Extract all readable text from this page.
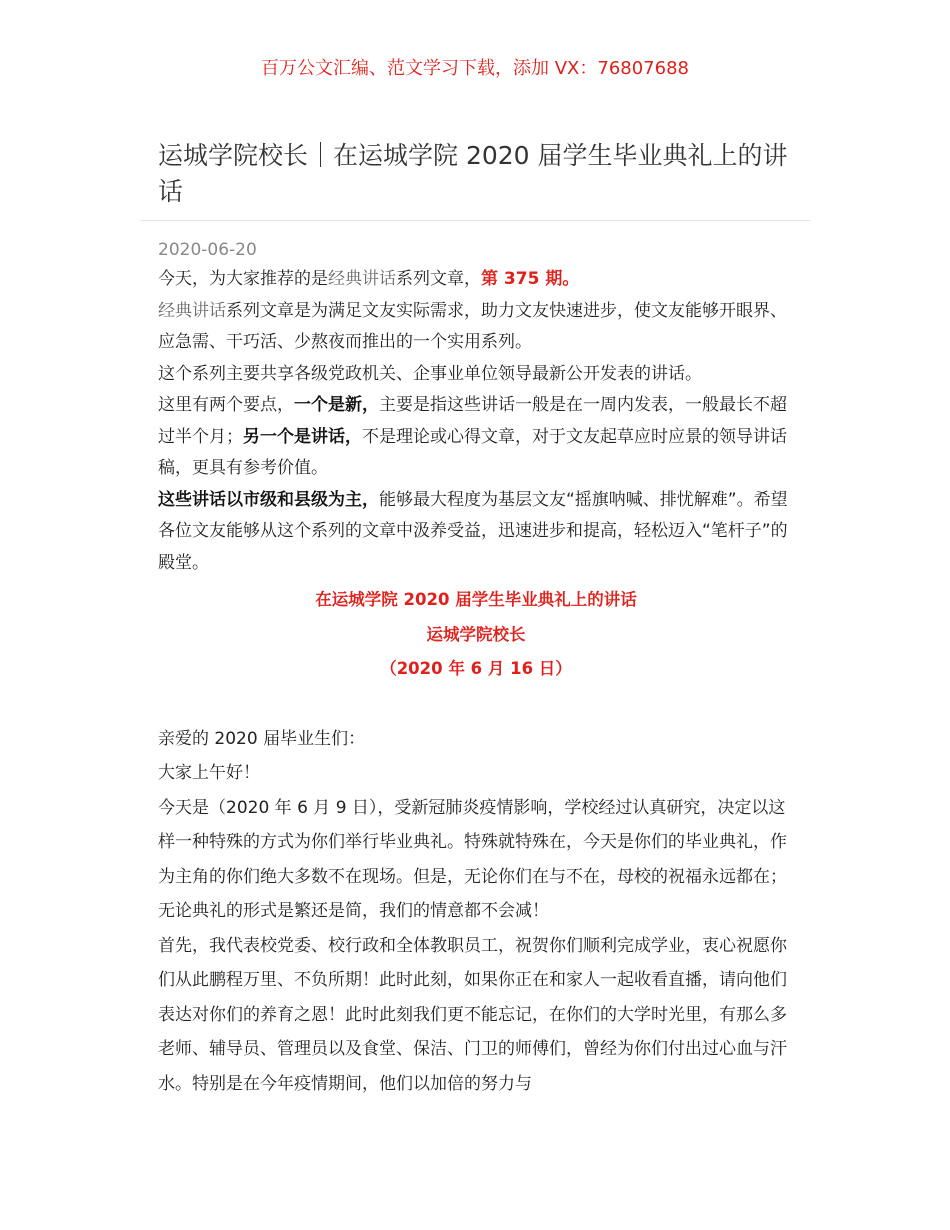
百万公文汇编、范文学习下载，添加 VX：76807688
运城学院校长｜在运城学院 2020 届学生毕业典礼上的讲话
2020-06-20

今天，为大家推荐的是经典讲话系列文章，第 375 期。

经典讲话系列文章是为满足文友实际需求，助力文友快速进步，使文友能够开眼界、应急需、干巧活、少熬夜而推出的一个实用系列。

这个系列主要共享各级党政机关、企事业单位领导最新公开发表的讲话。

这里有两个要点，一个是新，主要是指这些讲话一般是在一周内发表，一般最长不超过半个月；另一个是讲话，不是理论或心得文章，对于文友起草应时应景的领导讲话稿，更具有参考价值。

这些讲话以市级和县级为主，能够最大程度为基层文友“摇旗呐喊、排忧解难”。希望各位文友能够从这个系列的文章中汲养受益，迅速进步和提高，轻松迈入“笔杆子”的殿堂。

在运城学院 2020 届学生毕业典礼上的讲话
运城学院校长
（2020 年 6 月 16 日）

亲爱的 2020 届毕业生们：

大家上午好！

今天是（2020 年 6 月 9 日），受新冠肺炎疫情影响，学校经过认真研究，决定以这样一种特殊的方式为你们举行毕业典礼。特殊就特殊在，今天是你们的毕业典礼，作为主角的你们绝大多数不在现场。但是，无论你们在与不在，母校的祝福永远都在；无论典礼的形式是繁还是简，我们的情意都不会减！

首先，我代表校党委、校行政和全体教职员工，祝贺你们顺利完成学业，衷心祝愿你们从此鹏程万里、不负所期！此时此刻，如果你正在和家人一起收看直播，请向他们表达对你们的养育之恩！此时此刻我们更不能忘记，在你们的大学时光里，有那么多老师、辅导员、管理员以及食堂、保洁、门卫的师傅们，曾经为你们付出过心血与汗水。特别是在今年疫情期间，他们以加倍的努力与
